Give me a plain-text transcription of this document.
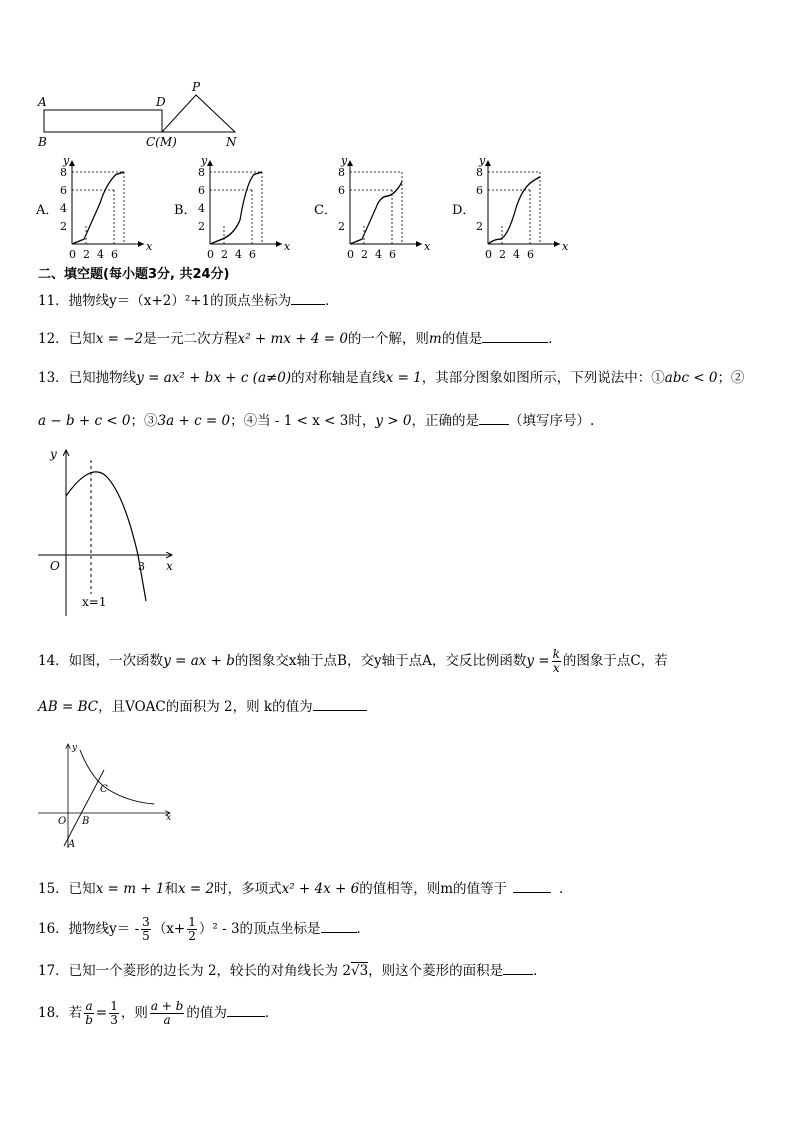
A
B
D
C(M)
P
N
A．
y
x
8
6
4
2
0 2 4 6
B．
y
x
8
6
4
2
0 2 4 6
C．
y
x
8
6
2
0 2 4 6
D．
y
x
8
6
2
0 2 4 6
二、填空题(每小题3分, 共24分)
11．抛物线y＝（x+2）²+1的顶点坐标为	．
12．已知x = −2是一元二次方程x² + mx + 4 = 0的一个解，则m的值是	．
13．已知抛物线y = ax² + bx + c (a≠0)的对称轴是直线x = 1，其部分图象如图所示，下列说法中：①abc < 0；②
a − b + c < 0；③3a + c = 0；④当 - 1 < x < 3时，y > 0，正确的是 （填写序号）.
y
x
O	3
x=1
14．如图，一次函数y = ax + b的图象交x轴于点B，交y轴于点A，交反比例函数$y = \frac{k}{x}$ 的图象于点C，若
AB = BC，且VOAC的面积为 2，则 k的值为
y
x
O B
C
A
15．已知x = m + 1和x = 2时，多项式x² + 4x + 6的值相等，则m的值等于	．
16．抛物线$y= - \frac{3}{5} (x+ \frac{1}{2} )^2 - 3$的顶点坐标是	．
17．已知一个菱形的边长为 2，较长的对角线长为 2√3，则这个菱形的面积是 ．
18．若 $\frac{a}{b} = \frac{1}{3}$ ，则 $\frac{a + b}{a}$ 的值为	．
